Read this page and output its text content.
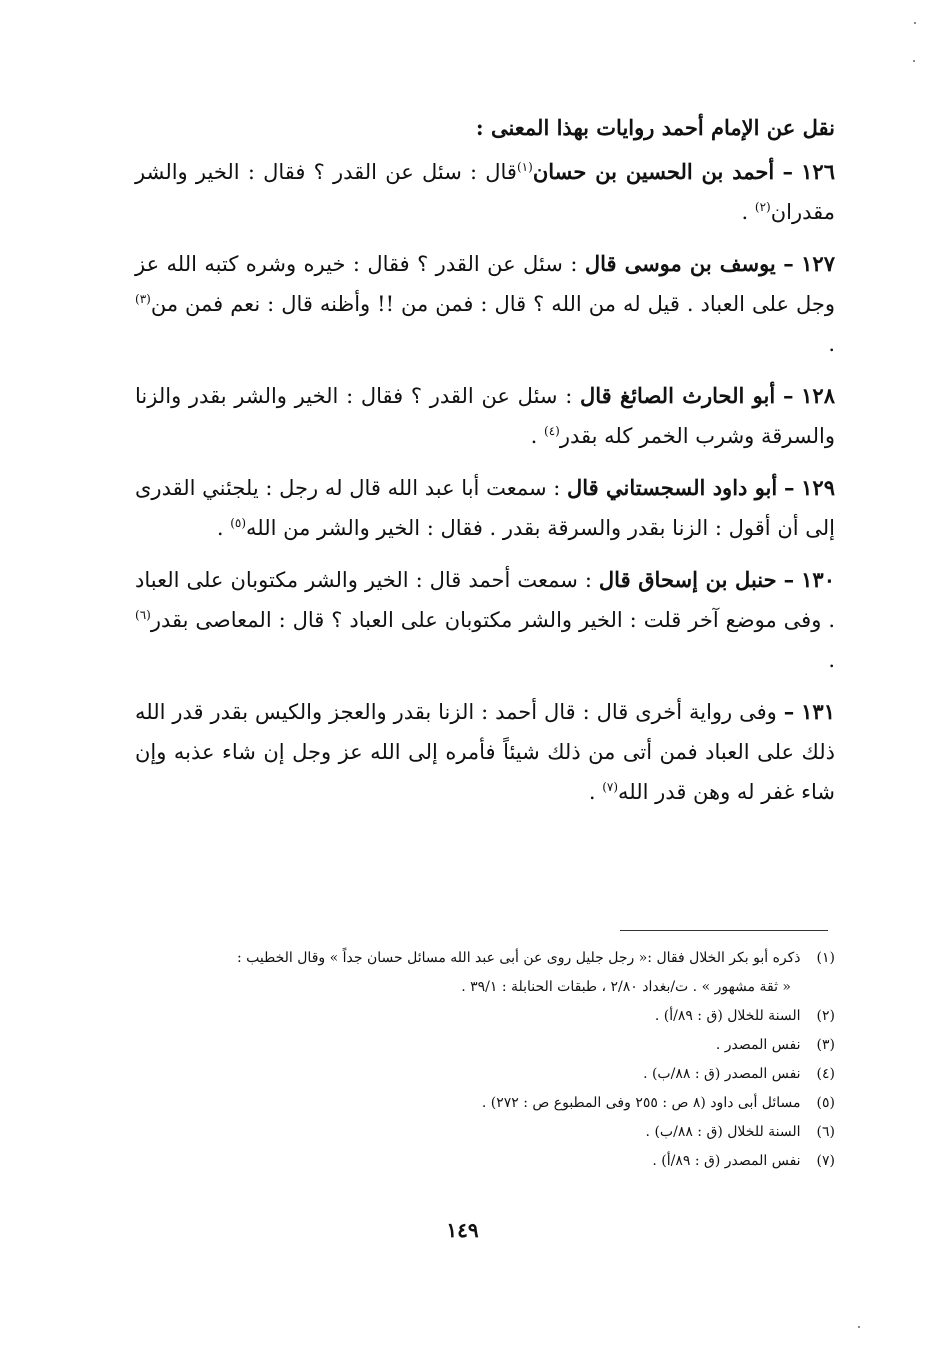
نقل عن الإمام أحمد روايات بهذا المعنى :

١٢٦ – أحمد بن الحسين بن حسان$^{(١)}$قال : سئل عن القدر ؟ فقال : الخير والشر مقدران$^{(٢)}$ .

١٢٧ – يوسف بن موسى قال : سئل عن القدر ؟ فقال : خيره وشره كتبه الله عز وجل على العباد . قيل له من الله ؟ قال : فمن من !! وأظنه قال : نعم فمن من$^{(٣)}$ .

١٢٨ – أبو الحارث الصائغ قال : سئل عن القدر ؟ فقال : الخير والشر بقدر والزنا والسرقة وشرب الخمر كله بقدر$^{(٤)}$ .

١٢٩ – أبو داود السجستاني قال : سمعت أبا عبد الله قال له رجل : يلجئني القدرى إلى أن أقول : الزنا بقدر والسرقة بقدر . فقال : الخير والشر من الله$^{(٥)}$ .

١٣٠ – حنبل بن إسحاق قال : سمعت أحمد قال : الخير والشر مكتوبان على العباد . وفى موضع آخر قلت : الخير والشر مكتوبان على العباد ؟ قال : المعاصى بقدر$^{(٦)}$ .

١٣١ – وفى رواية أخرى قال : قال أحمد : الزنا بقدر والعجز والكيس بقدر قدر الله ذلك على العباد فمن أتى من ذلك شيئاً فأمره إلى الله عز وجل إن شاء عذبه وإن شاء غفر له وهن قدر الله$^{(٧)}$ .

(١) ذكره أبو بكر الخلال فقال :« رجل جليل روى عن أبى عبد الله مسائل حسان جداً » وقال الخطيب :

« ثقة مشهور » . ت/بغداد ٢/٨٠ ، طبقات الحنابلة : ٣٩/١ .

(٢) السنة للخلال (ق : ٨٩/أ) .

(٣) نفس المصدر .

(٤) نفس المصدر (ق : ٨٨/ب) .

(٥) مسائل أبى داود (٨ ص : ٢٥٥ وفى المطبوع ص : ٢٧٢) .

(٦) السنة للخلال (ق : ٨٨/ب) .

(٧) نفس المصدر (ق : ٨٩/أ) .

١٤٩
